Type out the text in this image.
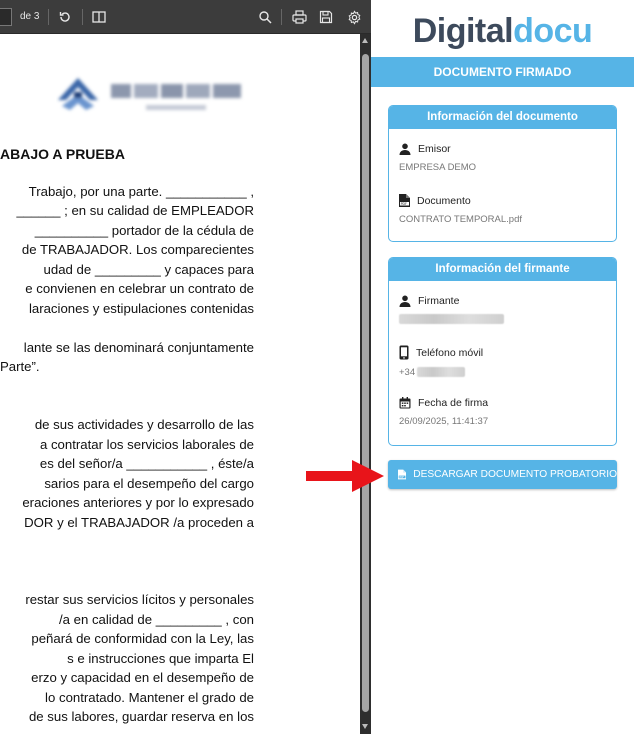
de 3
ABAJO A PRUEBA
Trabajo, por una parte. ___________ ,
______ ; en su calidad de EMPLEADOR
__________ portador de la cédula de
de TRABAJADOR. Los comparecientes
udad de _________ y capaces para
e convienen en celebrar un contrato de
laraciones y estipulaciones contenidas
lante se las denominará conjuntamente
Parte”.
de sus actividades y desarrollo de las
a contratar los servicios laborales de
es del señor/a ___________ , éste/a
sarios para el desempeño del cargo
eraciones anteriores y por lo expresado
DOR y el TRABAJADOR /a proceden a
restar sus servicios lícitos y personales
/a en calidad de _________ , con
peñará de conformidad con la Ley, las
s e instrucciones que imparta El
erzo y capacidad en el desempeño de
lo contratado. Mantener el grado de
de sus labores, guardar reserva en los
Digitaldocu
DOCUMENTO FIRMADO
Información del documento
Emisor
EMPRESA DEMO
PDF Documento
CONTRATO TEMPORAL.pdf
Información del firmante
Firmante
Teléfono móvil
+34
Fecha de firma
26/09/2025, 11:41:37
PDF DESCARGAR DOCUMENTO PROBATORIO
